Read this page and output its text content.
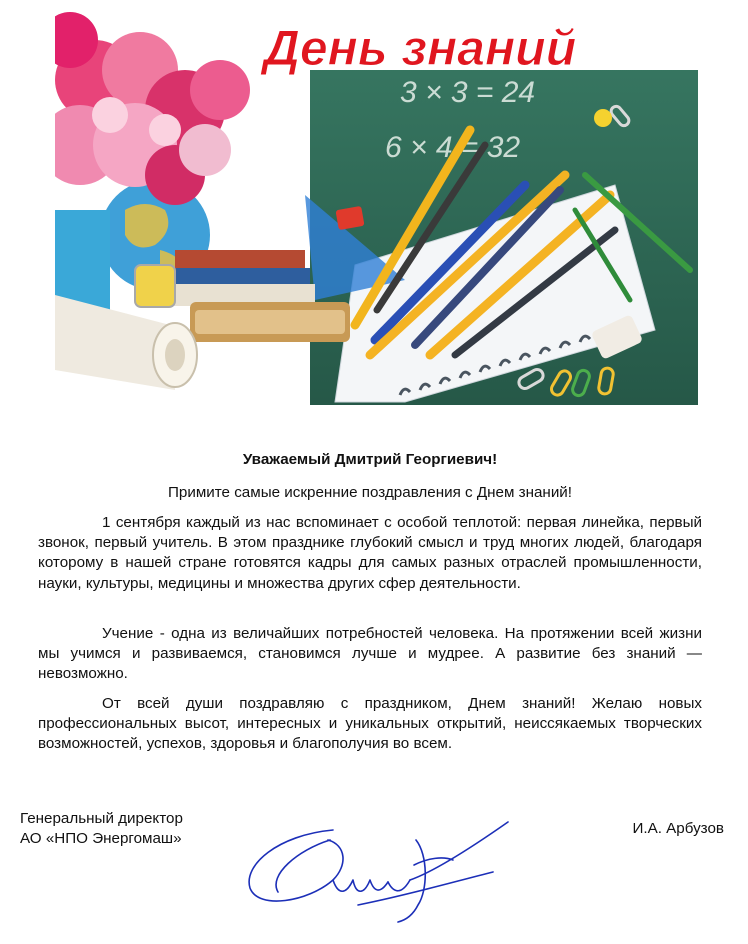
3 × 3 = 24
6 × 4 = 32
День знаний
Уважаемый Дмитрий Георгиевич!
Примите самые искренние поздравления с Днем знаний!

1 сентября каждый из нас вспоминает с особой теплотой: первая линейка, первый звонок, первый учитель. В этом празднике глубокий смысл и труд многих людей, благодаря которому в нашей стране готовятся кадры для самых разных отраслей промышленности, науки, культуры, медицины и множества других сфер деятельности.

Учение - одна из величайших потребностей человека. На протяжении всей жизни мы учимся и развиваемся, становимся лучше и мудрее. А развитие без знаний — невозможно.

От всей души поздравляю с праздником, Днем знаний! Желаю новых профессиональных высот, интересных и уникальных открытий, неиссякаемых творческих возможностей, успехов, здоровья и благополучия во всем.

Генеральный директор
АО «НПО Энергомаш»
И.А. Арбузов
